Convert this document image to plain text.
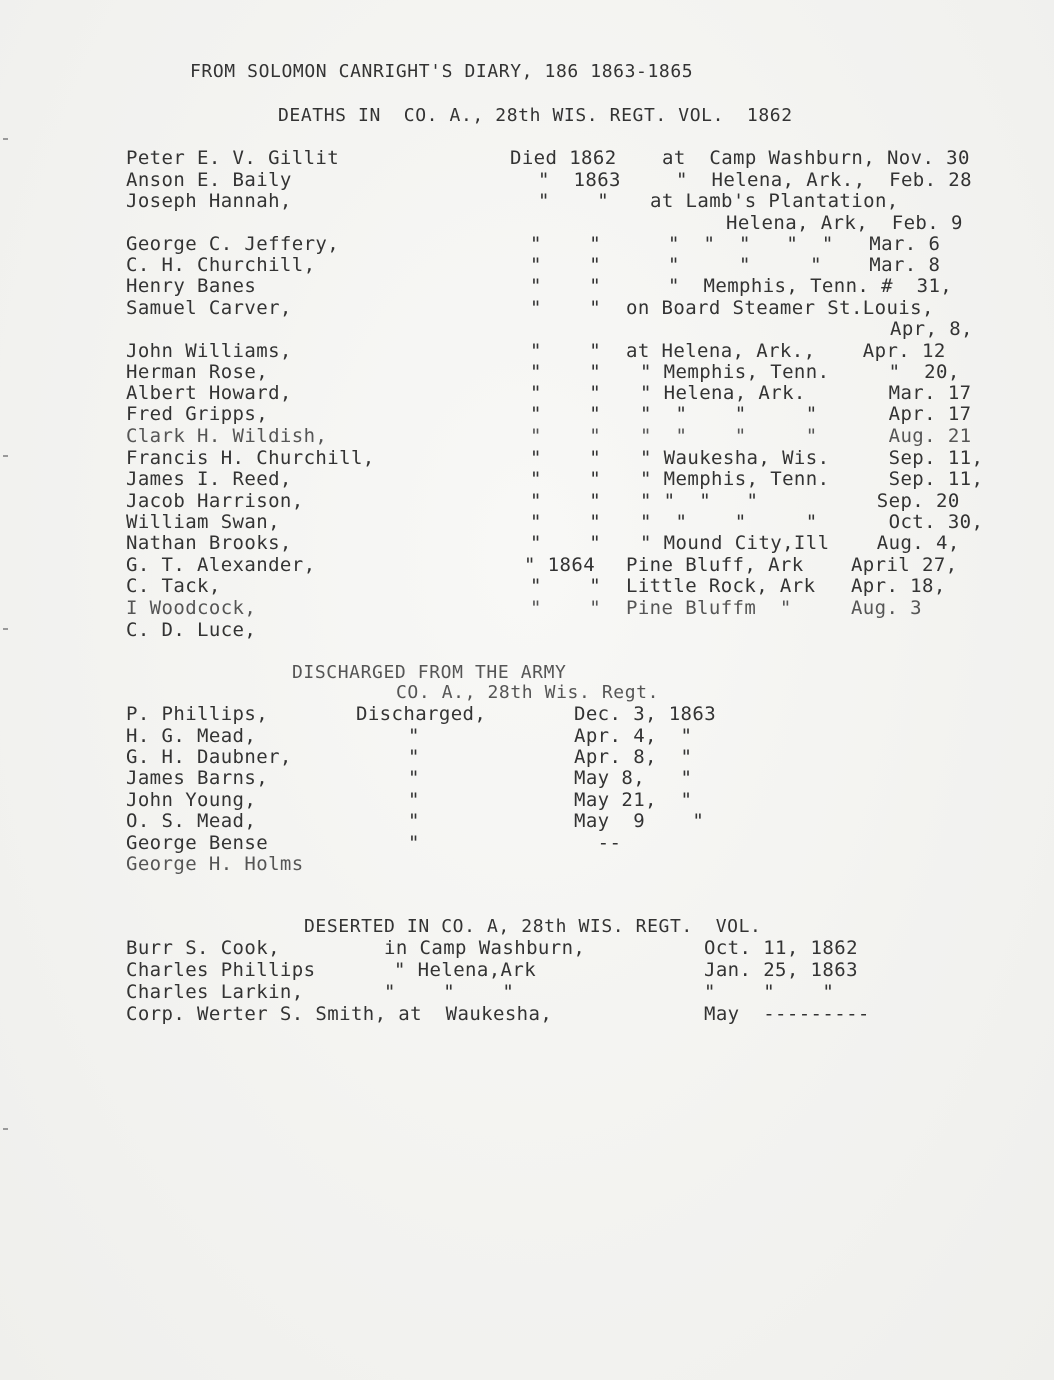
FROM SOLOMON CANRIGHT'S DIARY, 186 1863-1865
DEATHS IN  CO. A., 28th WIS. REGT. VOL.  1862
Peter E. V. Gillit	Died 1862 at  Camp Washburn, Nov. 30
Anson E. Baily	"  1863	"  Helena, Ark.,  Feb. 28
Joseph Hannah,	"    " at Lamb's Plantation,
Helena, Ark,  Feb. 9
George C. Jeffery,	"    "	"  "  "   "  "   Mar. 6
C. H. Churchill,	"    "	"     "     "    Mar. 8
Henry Banes	"    "	"  Memphis, Tenn. #  31,
Samuel Carver,	"    " on Board Steamer St.Louis,
Apr, 8,
John Williams,	"    " at Helena, Ark.,    Apr. 12
Herman Rose,	"    " " Memphis, Tenn.     "  20,
Albert Howard,	"    " " Helena, Ark.       Mar. 17
Fred Gripps,	"    " "  "    "     "      Apr. 17
Clark H. Wildish,	"    " "  "    "     "      Aug. 21
Francis H. Churchill,	"    " " Waukesha, Wis.     Sep. 11,
James I. Reed,	"    " " Memphis, Tenn.     Sep. 11,
Jacob Harrison,	"    " " "  "   "          Sep. 20
William Swan,	"    " "  "    "     "      Oct. 30,
Nathan Brooks,	"    " " Mound City,Ill    Aug. 4,
G. T. Alexander,	" 1864 Pine Bluff, Ark    April 27,
C. Tack,	"    " Little Rock, Ark   Apr. 18,
I Woodcock,	"    " Pine Bluffm  "     Aug. 3
C. D. Luce,
DISCHARGED FROM THE ARMY
CO. A., 28th Wis. Regt.
P. Phillips,	Discharged,	Dec. 3, 1863
H. G. Mead,	"	Apr. 4,  "
G. H. Daubner,	"	Apr. 8,  "
James Barns,	"	May 8,   "
John Young,	"	May 21,  "
O. S. Mead,	"	May  9    "
George Bense	"	--
George H. Holms
DESERTED IN CO. A, 28th WIS. REGT.  VOL.
Burr S. Cook,	in Camp Washburn,	Oct. 11, 1862
Charles Phillips	" Helena,Ark	Jan. 25, 1863
Charles Larkin,	"    "    "	"    "    "
Corp. Werter S. Smith, at  Waukesha,	May  ---------
